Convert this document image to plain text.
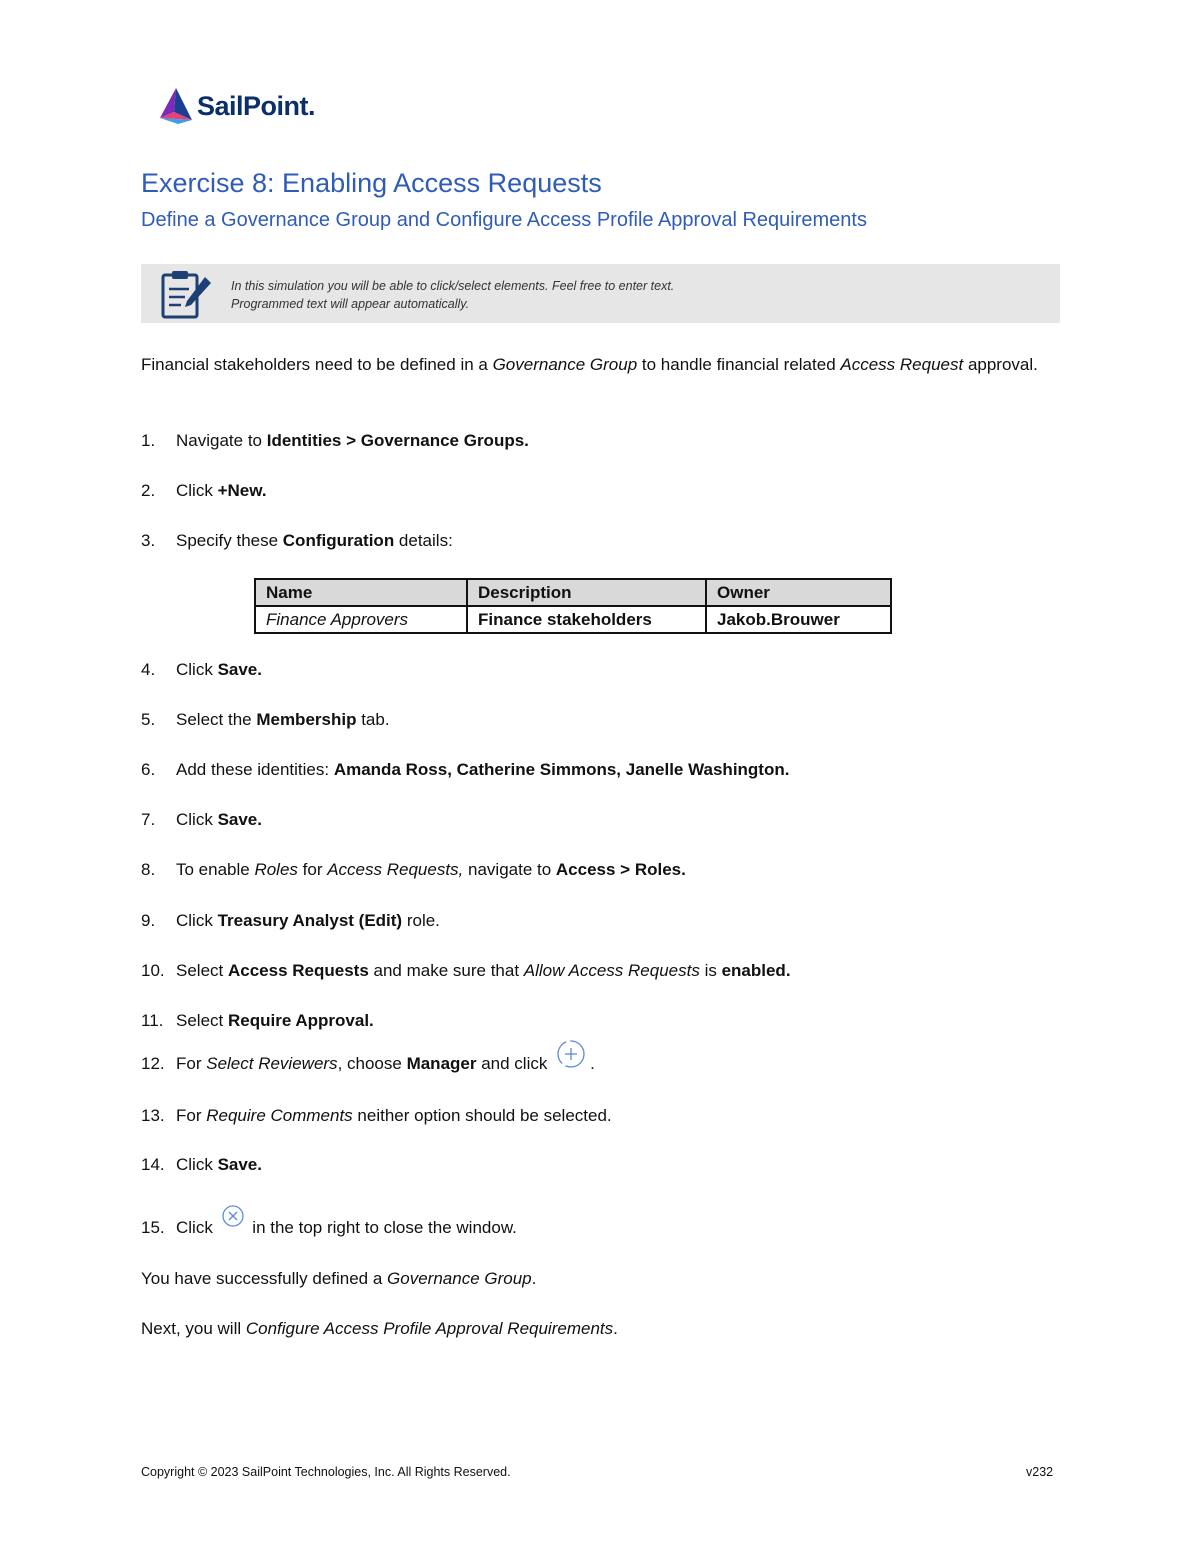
SailPoint.
Exercise 8: Enabling Access Requests
Define a Governance Group and Configure Access Profile Approval Requirements
In this simulation you will be able to click/select elements. Feel free to enter text.
Programmed text will appear automatically.

Financial stakeholders need to be defined in a Governance Group to handle financial related Access Request approval.

1.	Navigate to Identities > Governance Groups.
2.	Click +New.
3.	Specify these Configuration details:
Name	Description	Owner
Finance Approvers	Finance stakeholders	Jakob.Brouwer
4.	Click Save.
5.	Select the Membership tab.
6.	Add these identities: Amanda Ross, Catherine Simmons, Janelle Washington.
7.	Click Save.
8.	To enable Roles for Access Requests, navigate to Access > Roles.
9.	Click Treasury Analyst (Edit) role.
10. Select Access Requests and make sure that Allow Access Requests is enabled.
11. Select Require Approval.
12. For Select Reviewers, choose Manager and click .
13. For Require Comments neither option should be selected.
14. Click Save.
15. Click  in the top right to close the window.

You have successfully defined a Governance Group.

Next, you will Configure Access Profile Approval Requirements.

Copyright © 2023 SailPoint Technologies, Inc. All Rights Reserved.	v232
